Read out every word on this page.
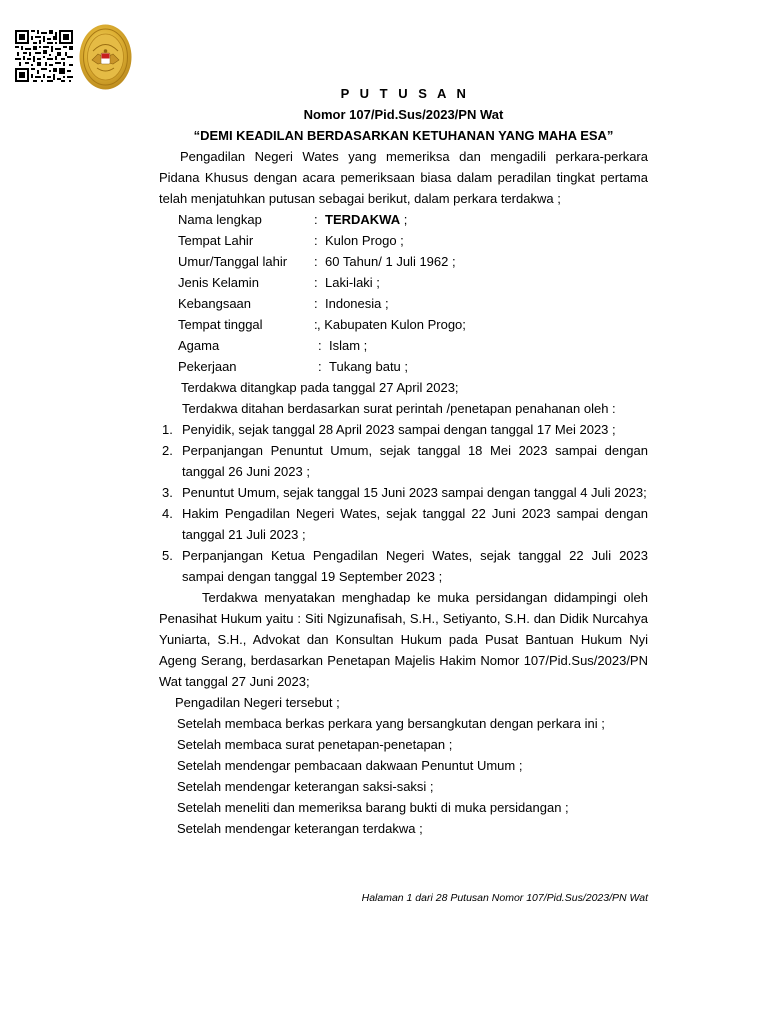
P U T U S A N
Nomor 107/Pid.Sus/2023/PN Wat
“DEMI KEADILAN BERDASARKAN KETUHANAN YANG MAHA ESA”
Pengadilan Negeri Wates yang memeriksa dan mengadili perkara-perkara Pidana Khusus dengan acara pemeriksaan biasa dalam peradilan tingkat pertama telah menjatuhkan putusan sebagai berikut, dalam perkara terdakwa ;
Nama lengkap	: TERDAKWA ;
Tempat Lahir	: Kulon Progo ;
Umur/Tanggal lahir	: 60 Tahun/ 1 Juli 1962 ;
Jenis Kelamin	: Laki-laki ;
Kebangsaan	: Indonesia ;
Tempat tinggal	: , Kabupaten Kulon Progo;
Agama	: Islam ;
Pekerjaan	: Tukang batu ;
Terdakwa ditangkap pada tanggal 27 April 2023;
Terdakwa ditahan berdasarkan surat perintah /penetapan penahanan oleh :
1. Penyidik, sejak tanggal 28 April 2023 sampai dengan tanggal 17 Mei 2023 ;
2. Perpanjangan Penuntut Umum, sejak tanggal 18 Mei 2023 sampai dengan tanggal 26 Juni 2023 ;
3. Penuntut Umum, sejak tanggal 15 Juni 2023 sampai dengan tanggal 4 Juli 2023;
4. Hakim Pengadilan Negeri Wates, sejak tanggal 22 Juni 2023 sampai dengan tanggal 21 Juli 2023 ;
5. Perpanjangan Ketua Pengadilan Negeri Wates, sejak tanggal 22 Juli 2023 sampai dengan tanggal 19 September 2023 ;
Terdakwa menyatakan menghadap ke muka persidangan didampingi oleh Penasihat Hukum yaitu : Siti Ngizunafisah, S.H., Setiyanto, S.H. dan Didik Nurcahya Yuniarta, S.H., Advokat dan Konsultan Hukum pada Pusat Bantuan Hukum Nyi Ageng Serang, berdasarkan Penetapan Majelis Hakim Nomor 107/Pid.Sus/2023/PN Wat tanggal 27 Juni 2023;
Pengadilan Negeri tersebut ;
Setelah membaca berkas perkara yang bersangkutan dengan perkara ini ;
Setelah membaca surat penetapan-penetapan ;
Setelah mendengar pembacaan dakwaan Penuntut Umum ;
Setelah mendengar keterangan saksi-saksi ;
Setelah meneliti dan memeriksa barang bukti di muka persidangan ;
Setelah mendengar keterangan terdakwa ;
Halaman 1 dari 28 Putusan Nomor 107/Pid.Sus/2023/PN Wat
